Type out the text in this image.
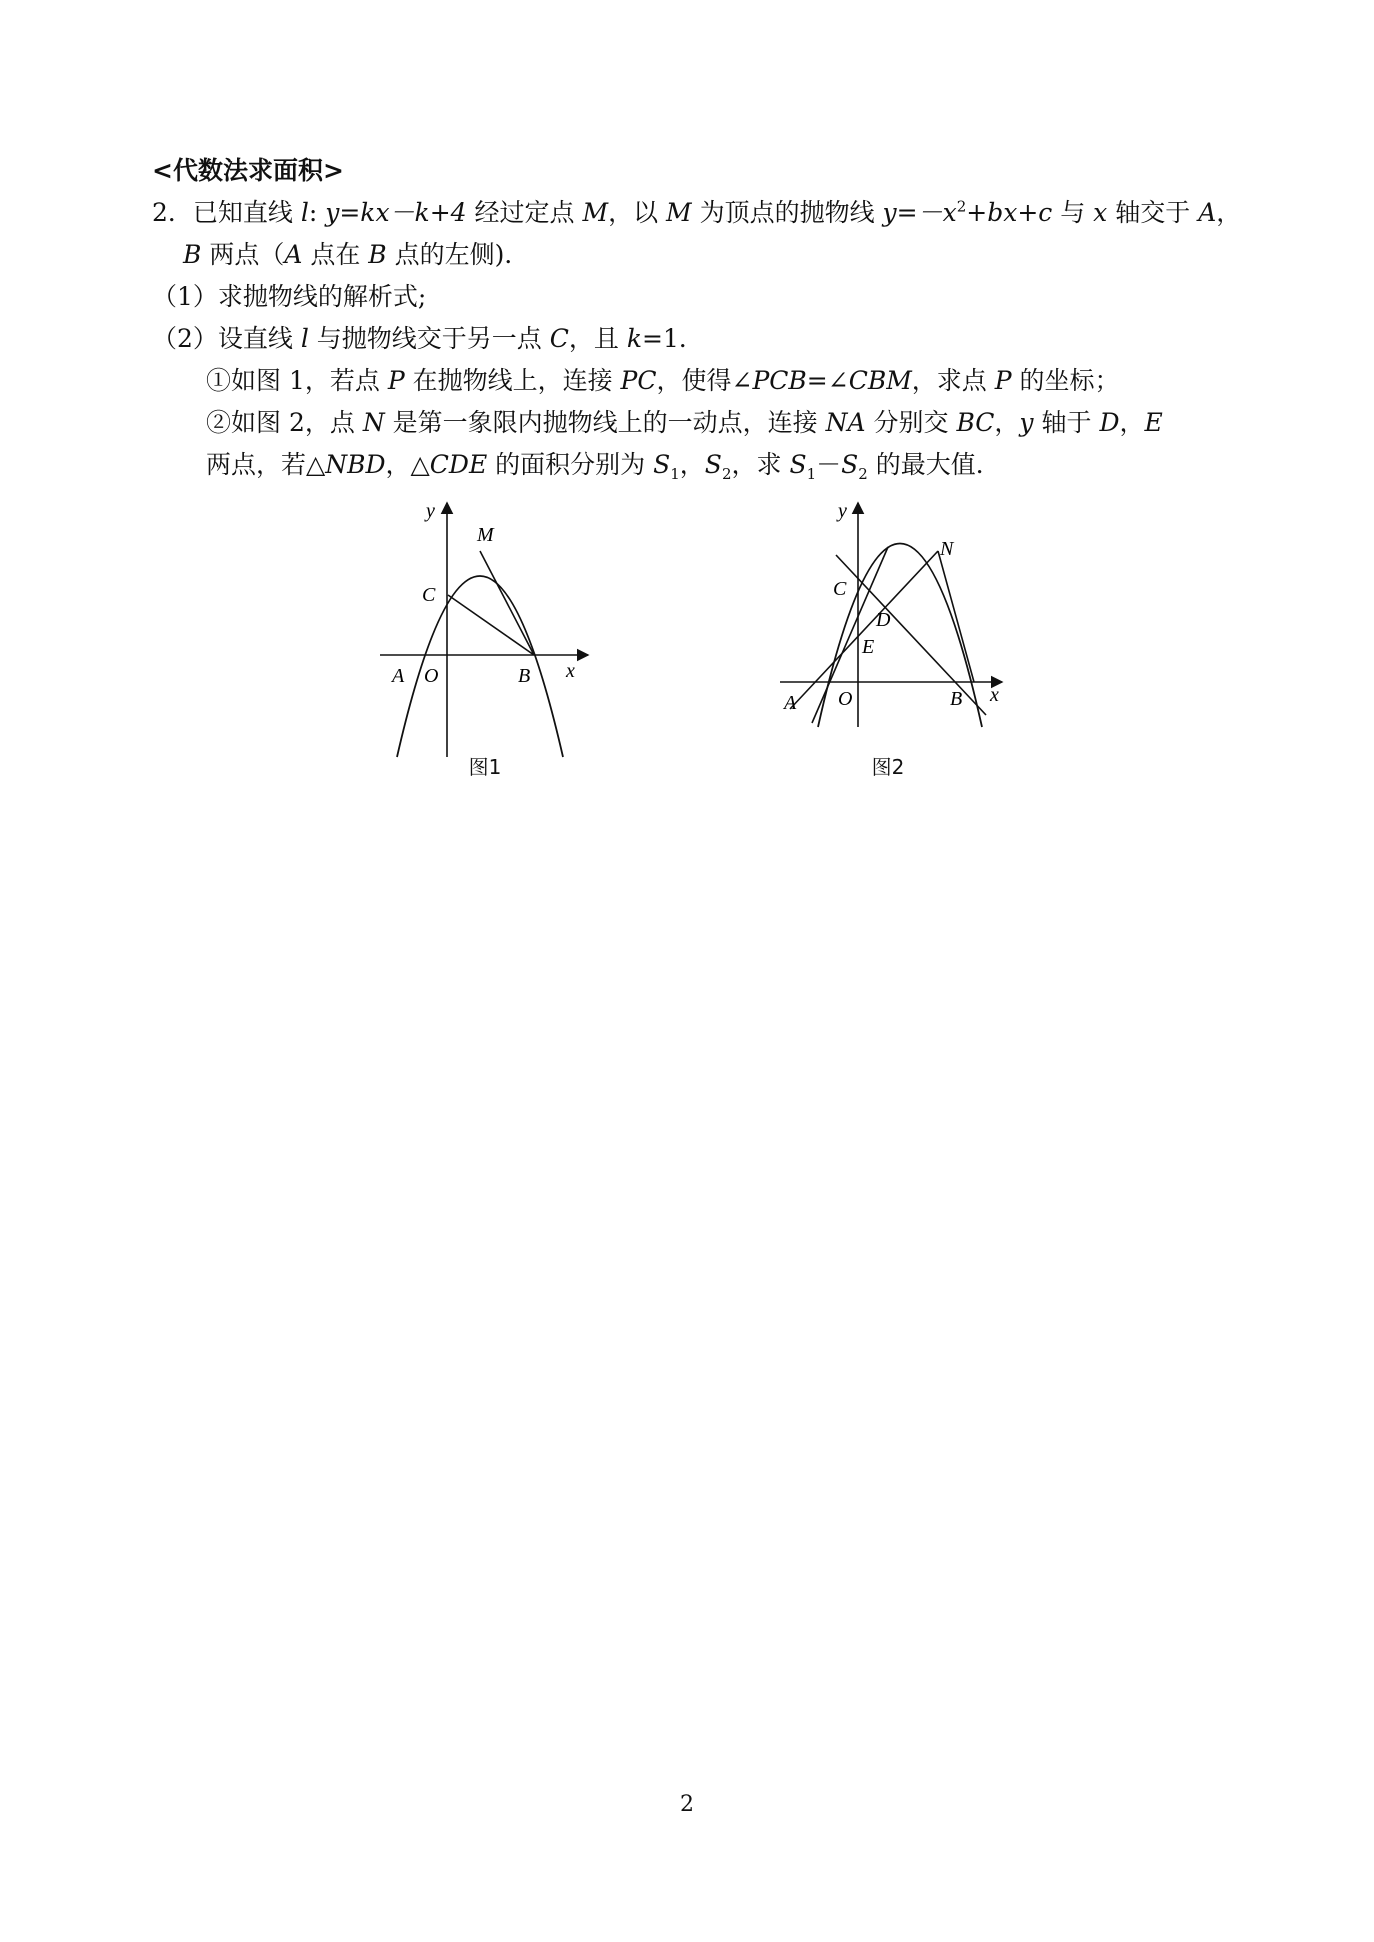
<代数法求面积>
2．已知直线 l: y=kx－k+4 经过定点 M，以 M 为顶点的抛物线 $y=-x^2+bx+c$ 与 x 轴交于 A，
B 两点（A 点在 B 点的左侧)．
（1）求抛物线的解析式;
（2）设直线 l 与抛物线交于另一点 C，且 k=1．
①如图 1，若点 P 在抛物线上，连接 PC，使得∠PCB=∠CBM，求点 P 的坐标；
②如图 2，点 N 是第一象限内抛物线上的一动点，连接 NA 分别交 BC，y 轴于 D，E
两点，若△NBD，△CDE 的面积分别为 $S_1$，$S_2$，求 $S_1-S_2$ 的最大值．
y
M
C
A O	B x
图1
y
N
C
D
E
A O	B x
图2
2
